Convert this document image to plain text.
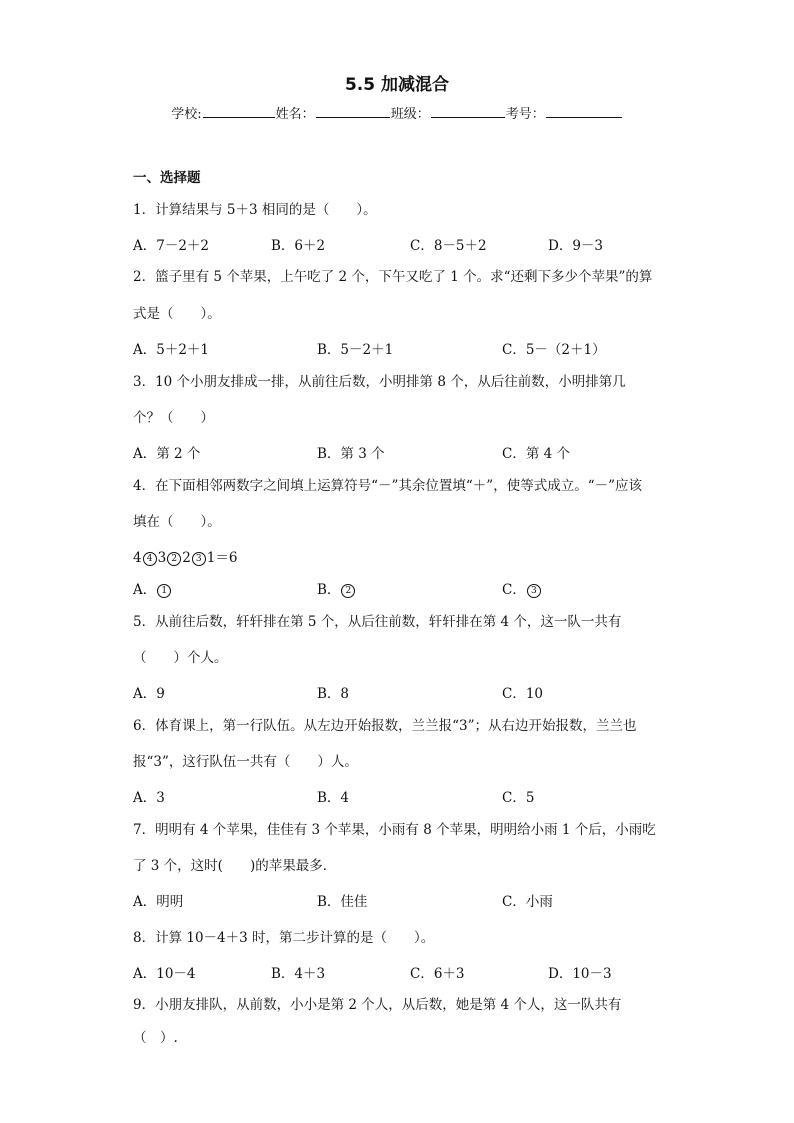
5.5 加减混合
学校:	姓名：	班级：	考号：
一、选择题
1．计算结果与 5＋3 相同的是（　　）。
A．7－2＋2	B．6＋2	C．8－5＋2	D．9－3
2．篮子里有 5 个苹果，上午吃了 2 个，下午又吃了 1 个。求“还剩下多少个苹果”的算
式是（　　）。
A．5＋2＋1	B．5－2＋1	C．5－（2＋1）
3．10 个小朋友排成一排，从前往后数，小明排第 8 个，从后往前数，小明排第几
个？（　　）
A．第 2 个	B．第 3 个	C．第 4 个
4．在下面相邻两数字之间填上运算符号“－”其余位置填“＋”，使等式成立。“－”应该
填在（　　）。
4 4 3 2 2 3 1＝6
A． 1	B． 2	C． 3
5．从前往后数，轩轩排在第 5 个，从后往前数，轩轩排在第 4 个，这一队一共有
（　　）个人。
A．9	B．8	C．10
6．体育课上，第一行队伍。从左边开始报数，兰兰报“3”；从右边开始报数，兰兰也
报“3”，这行队伍一共有（　　）人。
A．3	B．4	C．5
7．明明有 4 个苹果，佳佳有 3 个苹果，小雨有 8 个苹果，明明给小雨 1 个后，小雨吃
了 3 个，这时(　　)的苹果最多．
A．明明	B．佳佳	C．小雨
8．计算 10－4＋3 时，第二步计算的是（　　）。
A．10－4	B．4＋3	C．6＋3	D．10－3
9．小朋友排队，从前数，小小是第 2 个人，从后数，她是第 4 个人，这一队共有
（　）.
